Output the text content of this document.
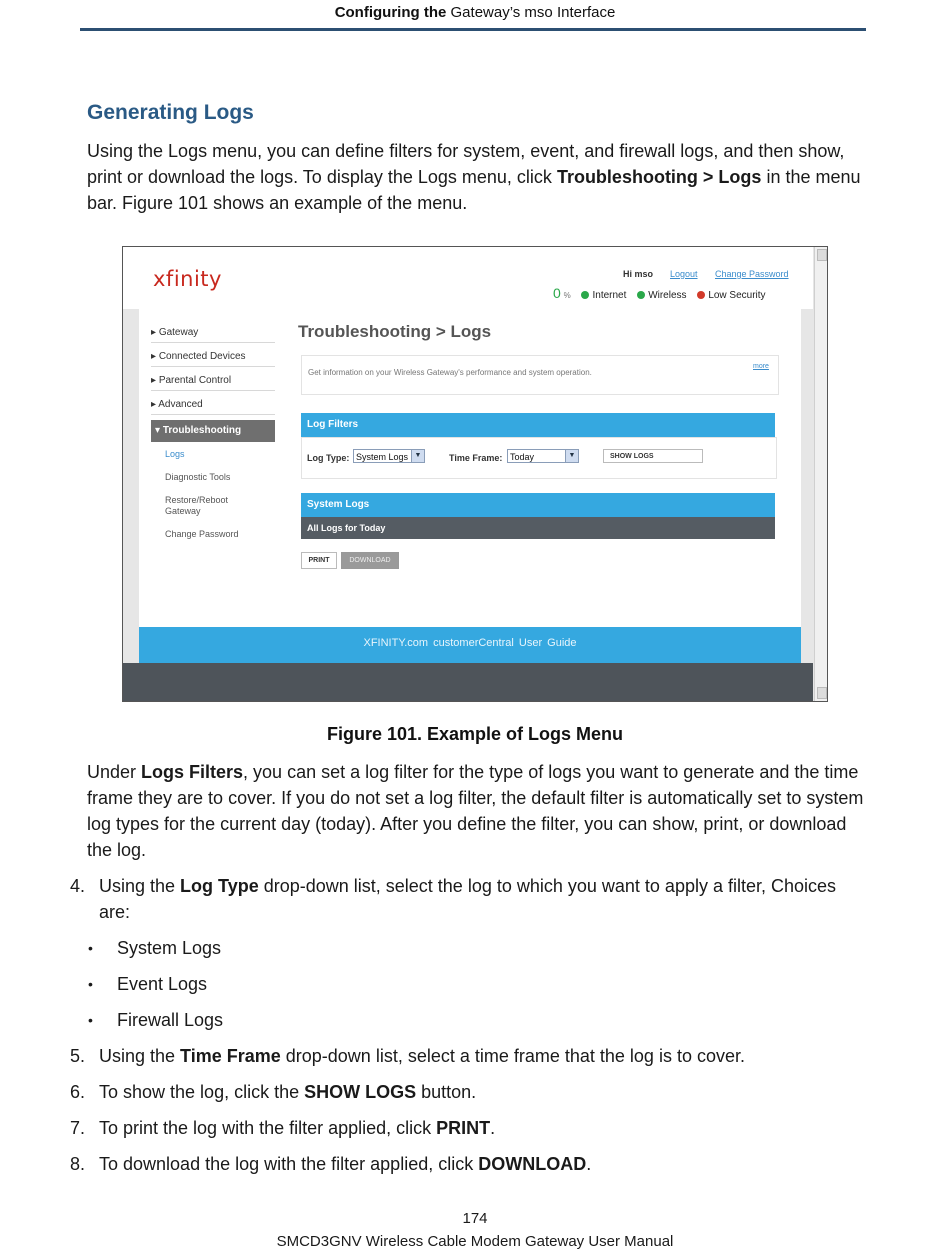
Configuring the Gateway’s mso Interface
Generating Logs
Using the Logs menu, you can define filters for system, event, and firewall logs, and then show, print or download the logs. To display the Logs menu, click Troubleshooting > Logs in the menu bar. Figure 101 shows an example of the menu.
xfinity	Hi mso Logout Change Password
0 % Internet Wireless Low Security
▸ Gateway
▸ Connected Devices
▸ Parental Control
▸ Advanced
▾ Troubleshooting
Logs
Diagnostic Tools
Restore/Reboot
Gateway
Change Password
Troubleshooting > Logs
Get information on your Wireless Gateway's performance and system operation.
more
Log Filters
Log Type: System Logs ▼	Time Frame: Today	▼	SHOW LOGS
System Logs
All Logs for Today
PRINT	DOWNLOAD
XFINITY.com customerCentral User Guide
Figure 101. Example of Logs Menu
Under Logs Filters, you can set a log filter for the type of logs you want to generate and the time frame they are to cover. If you do not set a log filter, the default filter is automatically set to system log types for the current day (today). After you define the filter, you can show, print, or download the log.
4. Using the Log Type drop-down list, select the log to which you want to apply a filter, Choices are:
• System Logs
• Event Logs
• Firewall Logs
5. Using the Time Frame drop-down list, select a time frame that the log is to cover.
6. To show the log, click the SHOW LOGS button.
7. To print the log with the filter applied, click PRINT.
8. To download the log with the filter applied, click DOWNLOAD.
174
SMCD3GNV Wireless Cable Modem Gateway User Manual
